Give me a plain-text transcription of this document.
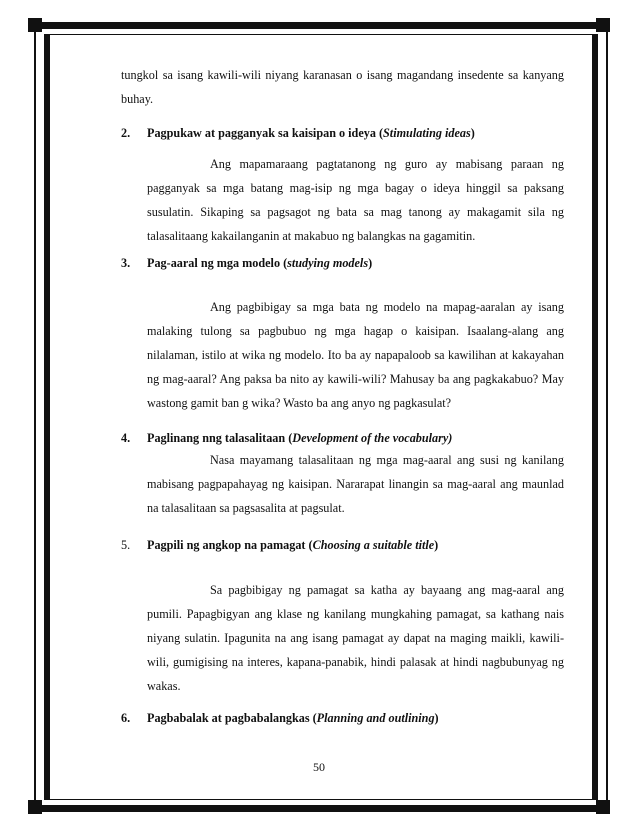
tungkol sa isang kawili-wili niyang karanasan o isang magandang insedente sa kanyang buhay.

2. Pagpukaw at pagganyak sa kaisipan o ideya (Stimulating ideas)

Ang mapamaraang pagtatanong ng guro ay mabisang paraan ng pagganyak sa mga batang mag-isip ng mga bagay o ideya hinggil sa paksang susulatin. Sikaping sa pagsagot ng bata sa mag tanong ay makagamit sila ng talasalitaang kakailanganin at makabuo ng balangkas na gagamitin.

3. Pag-aaral ng mga modelo (studying models)

Ang pagbibigay sa mga bata ng modelo na mapag-aaralan ay isang malaking tulong sa pagbubuo ng mga hagap o kaisipan. Isaalang-alang ang nilalaman, istilo at wika ng modelo. Ito ba ay napapaloob sa kawilihan at kakayahan ng mag-aaral? Ang paksa ba nito ay kawili-wili? Mahusay ba ang pagkakabuo? May wastong gamit ban g wika? Wasto ba ang anyo ng pagkasulat?

4. Paglinang nng talasalitaan (Development of the vocabulary)

Nasa mayamang talasalitaan ng mga mag-aaral ang susi ng kanilang mabisang pagpapahayag ng kaisipan. Nararapat linangin sa mag-aaral ang maunlad na talasalitaan sa pagsasalita at pagsulat.

5. Pagpili ng angkop na pamagat (Choosing a suitable title)

Sa pagbibigay ng pamagat sa katha ay bayaang ang mag-aaral ang pumili. Papagbigyan ang klase ng kanilang mungkahing pamagat, sa kathang nais niyang sulatin. Ipagunita na ang isang pamagat ay dapat na maging maikli, kawili-wili, gumigising na interes, kapana-panabik, hindi palasak at hindi nagbubunyag ng wakas.

6. Pagbabalak at pagbabalangkas (Planning and outlining)
50
